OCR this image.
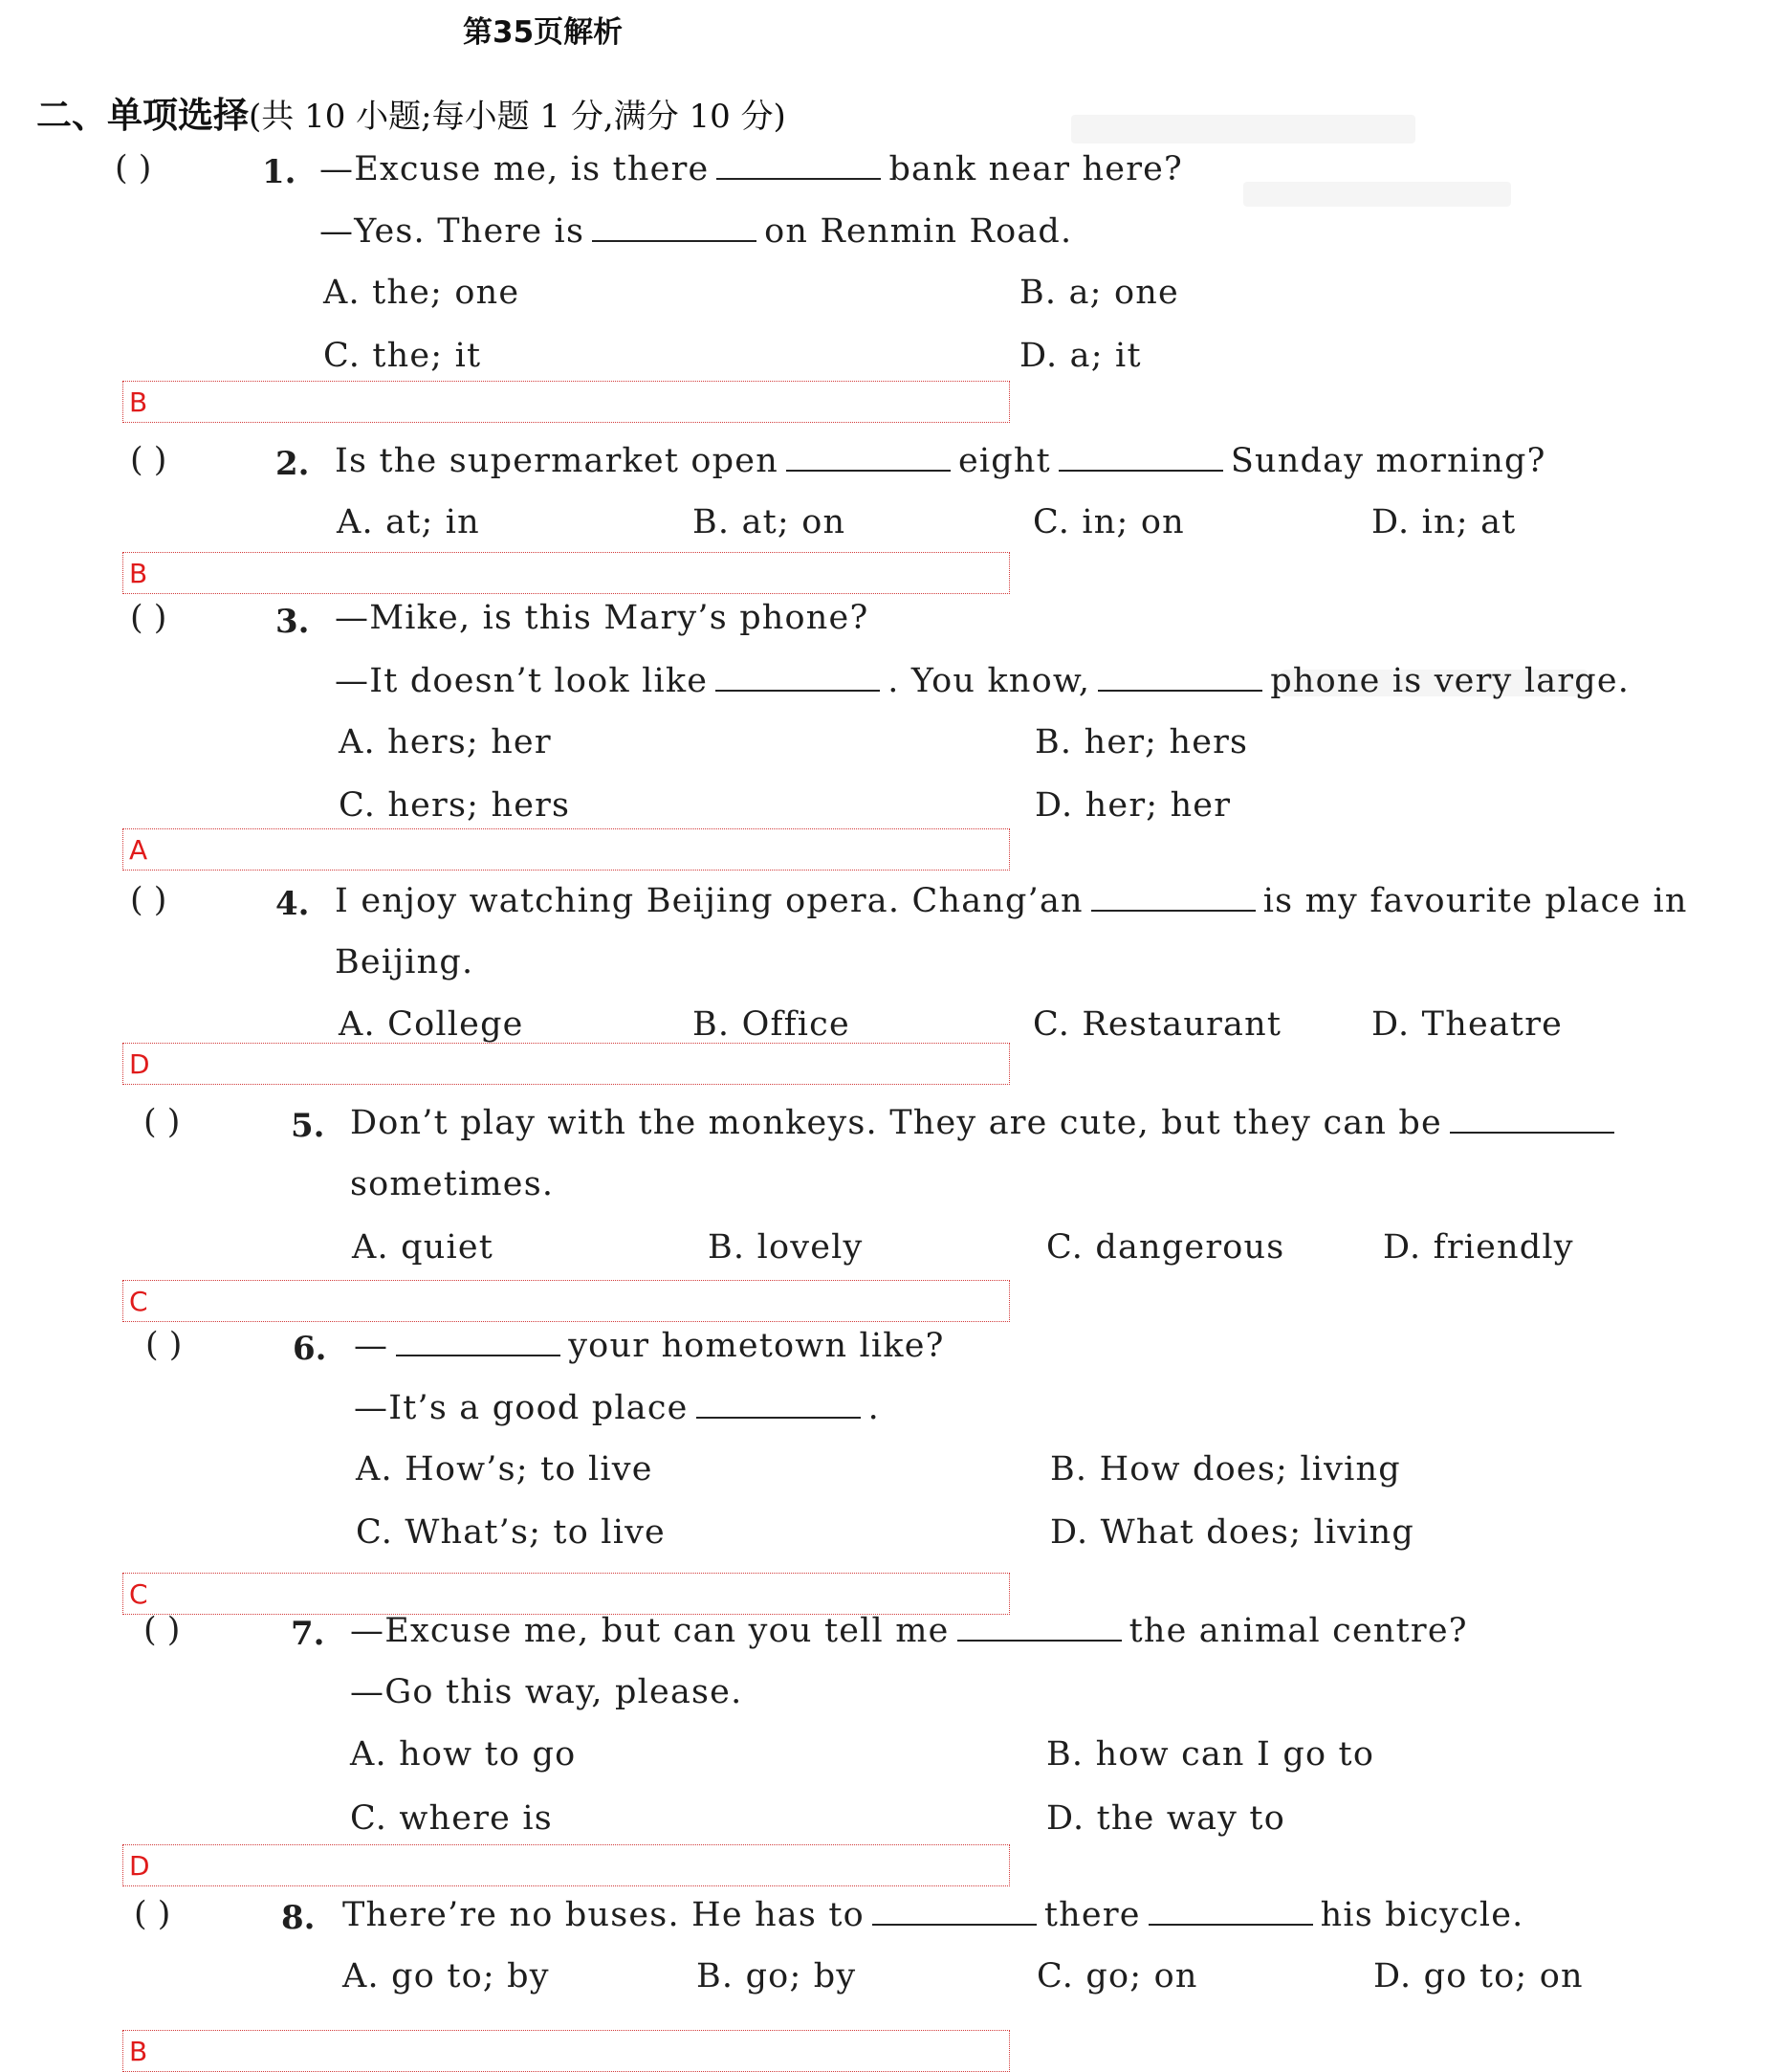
第35页解析
二、单项选择(共 10 小题;每小题 1 分,满分 10 分)
( )	1. —Excuse me, is there	bank near here?
—Yes. There is	on Renmin Road.
A. the; one	B. a; one
C. the; it	D. a; it
B
( )	2. Is the supermarket open	eight	Sunday morning?
A. at; in	B. at; on	C. in; on	D. in; at
B
( )	3. —Mike, is this Mary’s phone?
—It doesn’t look like	. You know,	phone is very large.
A. hers; her	B. her; hers
C. hers; hers	D. her; her
A
( )	4. I enjoy watching Beijing opera. Chang’an	is my favourite place in
Beijing.
A. College	B. Office	C. Restaurant	D. Theatre
D
( )	5. Don’t play with the monkeys. They are cute, but they can be
sometimes.
A. quiet	B. lovely	C. dangerous	D. friendly
C
( )	6. —	your hometown like?
—It’s a good place	.
A. How’s; to live	B. How does; living
C. What’s; to live	D. What does; living
C
( )	7. —Excuse me, but can you tell me	the animal centre?
—Go this way, please.
A. how to go	B. how can I go to
C. where is	D. the way to
D
( )	8. There’re no buses. He has to	there	his bicycle.
A. go to; by	B. go; by	C. go; on	D. go to; on
B
